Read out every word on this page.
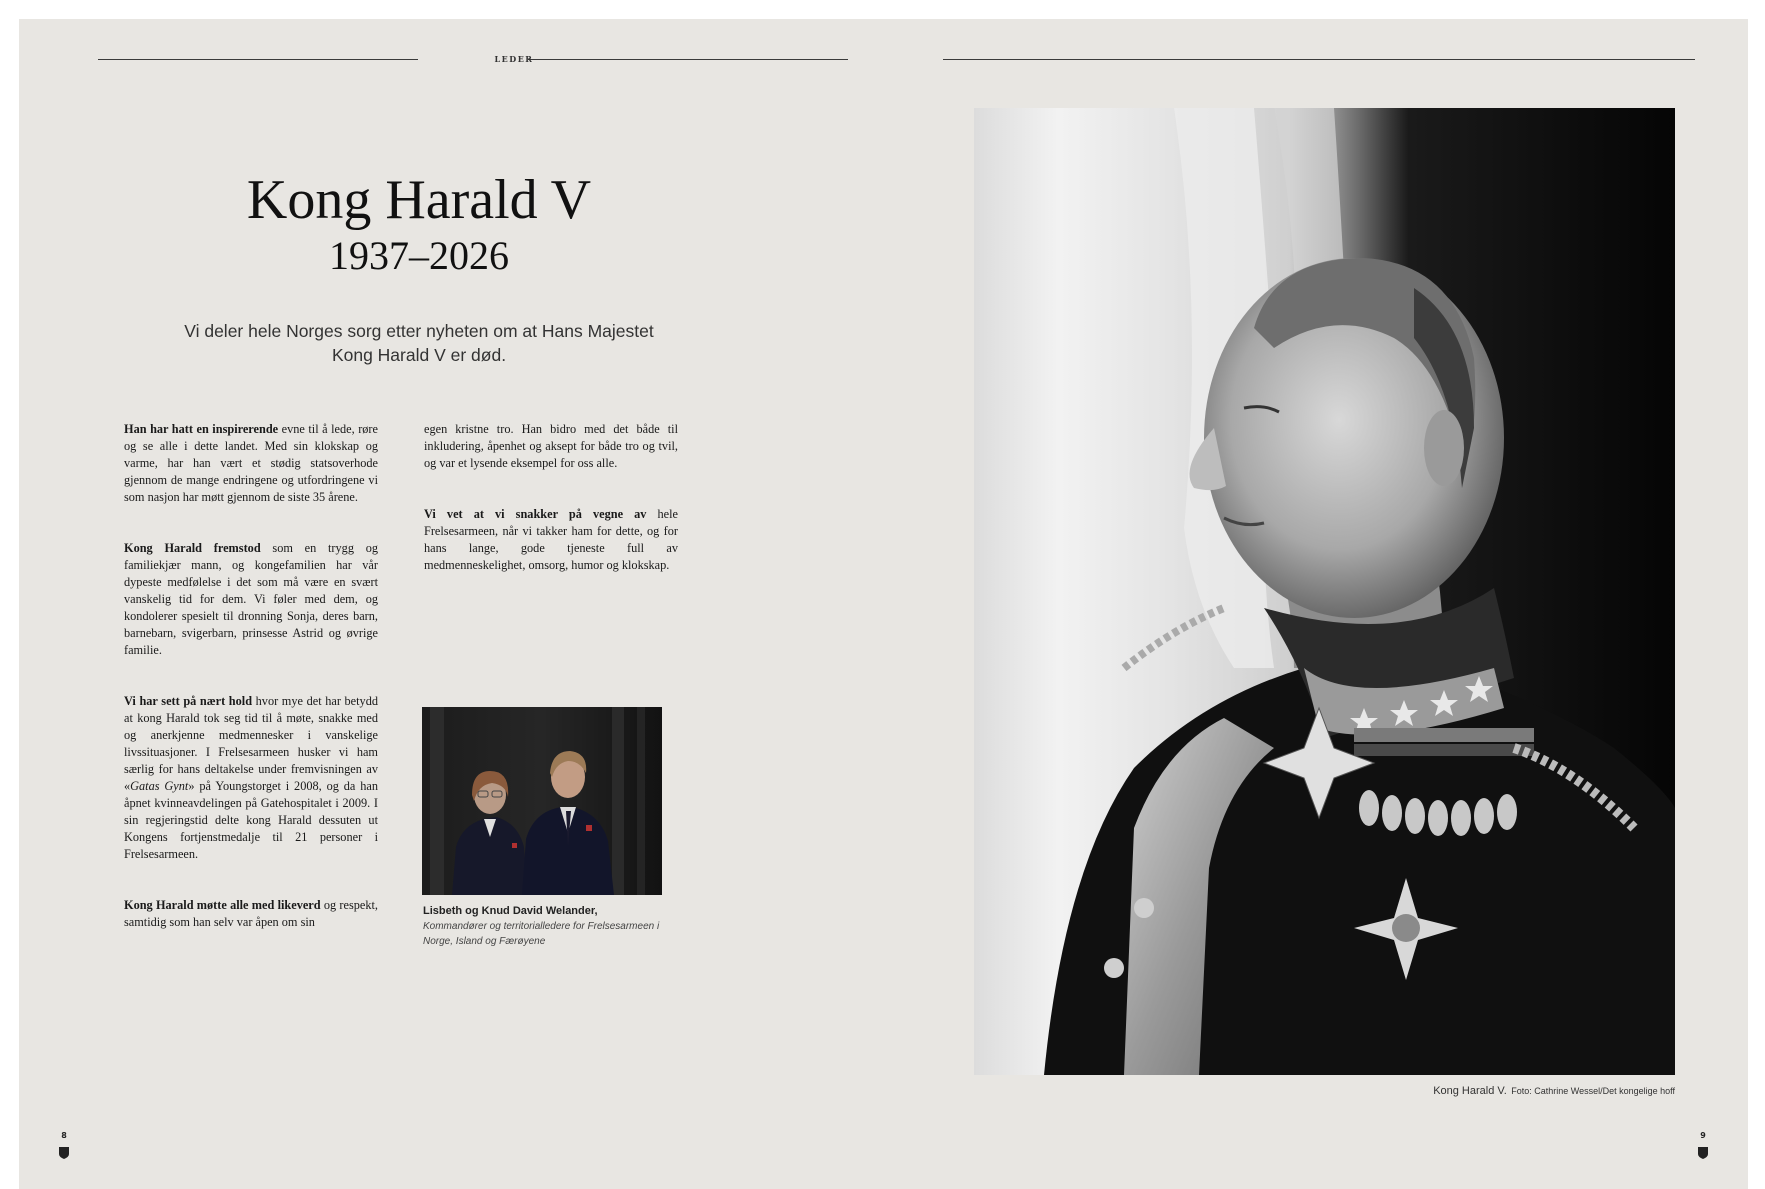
LEDER
Kong Harald V
1937–2026
Vi deler hele Norges sorg etter nyheten om at Hans Majestet Kong Harald V er død.

Han har hatt en inspirerende evne til å lede, røre og se alle i dette landet. Med sin klokskap og varme, har han vært et stødig statsoverhode gjennom de mange endringene og utfordringene vi som nasjon har møtt gjennom de siste 35 årene.

Kong Harald fremstod som en trygg og familiekjær mann, og kongefamilien har vår dypeste medfølelse i det som må være en svært vanskelig tid for dem. Vi føler med dem, og kondolerer spesielt til dronning Sonja, deres barn, barnebarn, svigerbarn, prinsesse Astrid og øvrige familie.

Vi har sett på nært hold hvor mye det har betydd at kong Harald tok seg tid til å møte, snakke med og anerkjenne medmennesker i vanskelige livssituasjoner. I Frelsesarmeen husker vi ham særlig for hans deltakelse under fremvisningen av «Gatas Gynt» på Youngstorget i 2008, og da han åpnet kvinneavdelingen på Gatehospitalet i 2009. I sin regjeringstid delte kong Harald dessuten ut Kongens fortjenstmedalje til 21 personer i Frelsesarmeen.

Kong Harald møtte alle med likeverd og respekt, samtidig som han selv var åpen om sin

egen kristne tro. Han bidro med det både til inkludering, åpenhet og aksept for både tro og tvil, og var et lysende eksempel for oss alle.

Vi vet at vi snakker på vegne av hele Frelsesarmeen, når vi takker ham for dette, og for hans lange, gode tjeneste full av medmenneskelighet, omsorg, humor og klokskap.

Lisbeth og Knud David Welander,
Kommandører og territorialledere for Frelsesarmeen i Norge, Island og Færøyene
Kong Harald V. Foto: Cathrine Wessel/Det kongelige hoff
8	9
